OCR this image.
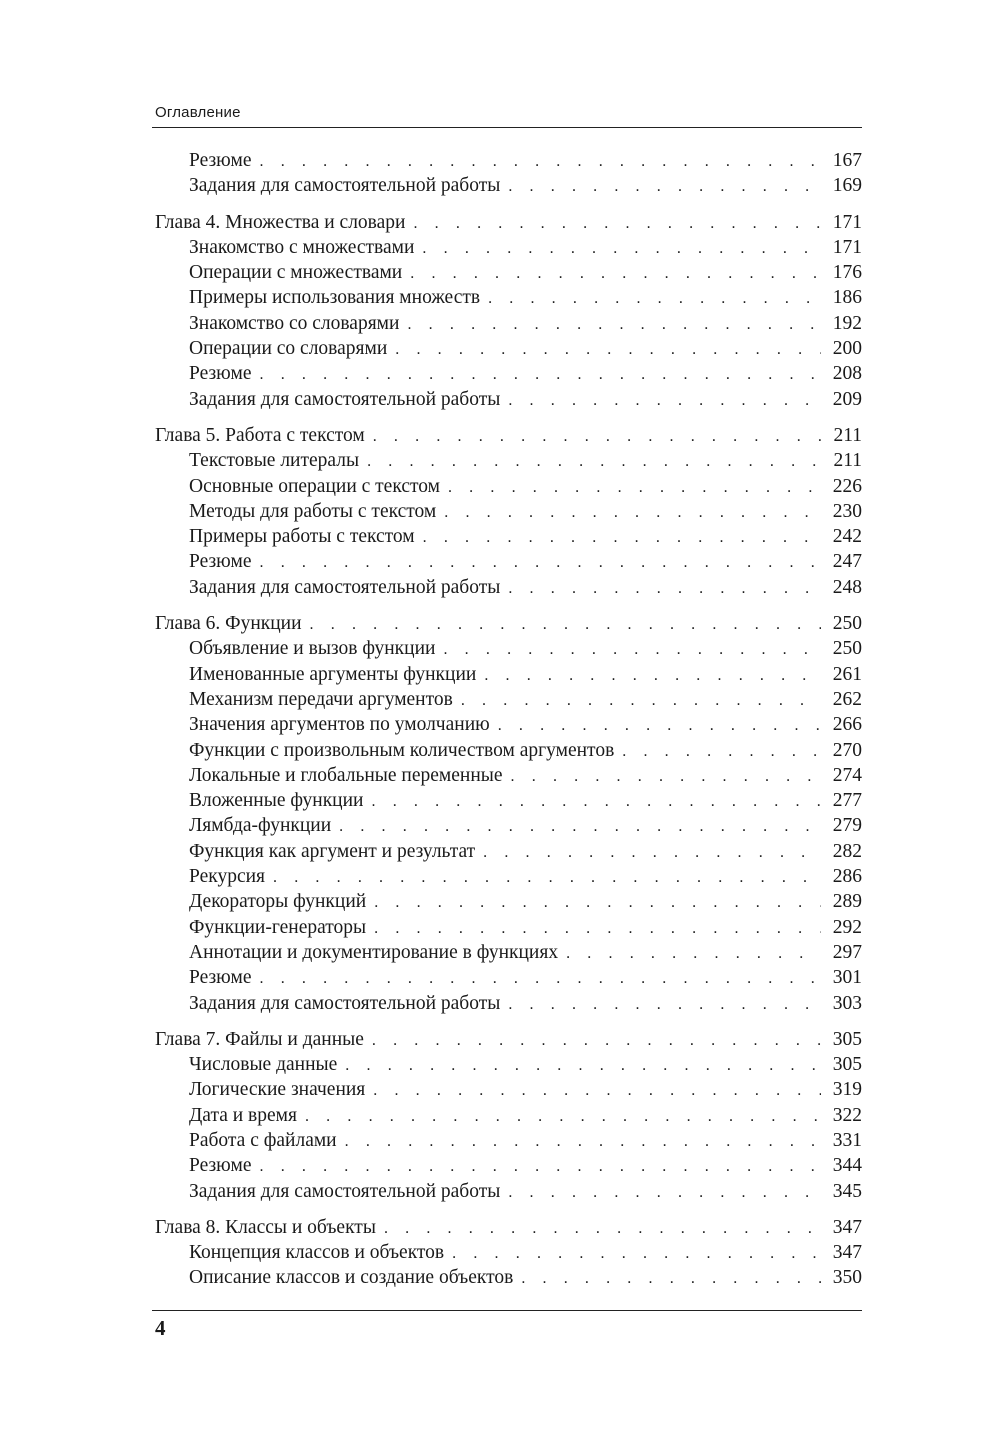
Оглавление
Резюме . . .	167
Задания для самостоятельной работы . . .	169
Глава 4. Множества и словари . . .	171
Знакомство с множествами . . .	171
Операции с множествами . . .	176
Примеры использования множеств . . .	186
Знакомство со словарями . . .	192
Операции со словарями . . .	200
Резюме . . .	208
Задания для самостоятельной работы . . .	209
Глава 5. Работа с текстом . . .	211
Текстовые литералы . . .	211
Основные операции с текстом . . .	226
Методы для работы с текстом . . .	230
Примеры работы с текстом . . .	242
Резюме . . .	247
Задания для самостоятельной работы . . .	248
Глава 6. Функции . . .	250
Объявление и вызов функции . . .	250
Именованные аргументы функции . . .	261
Механизм передачи аргументов . . .	262
Значения аргументов по умолчанию . . .	266
Функции с произвольным количеством аргументов . . .	270
Локальные и глобальные переменные . . .	274
Вложенные функции . . .	277
Лямбда-функции . . .	279
Функция как аргумент и результат . . .	282
Рекурсия . . .	286
Декораторы функций . . .	289
Функции-генераторы . . .	292
Аннотации и документирование в функциях . . .	297
Резюме . . .	301
Задания для самостоятельной работы . . .	303
Глава 7. Файлы и данные . . .	305
Числовые данные . . .	305
Логические значения . . .	319
Дата и время . . .	322
Работа с файлами . . .	331
Резюме . . .	344
Задания для самостоятельной работы . . .	345
Глава 8. Классы и объекты . . .	347
Концепция классов и объектов . . .	347
Описание классов и создание объектов . . .	350
4
